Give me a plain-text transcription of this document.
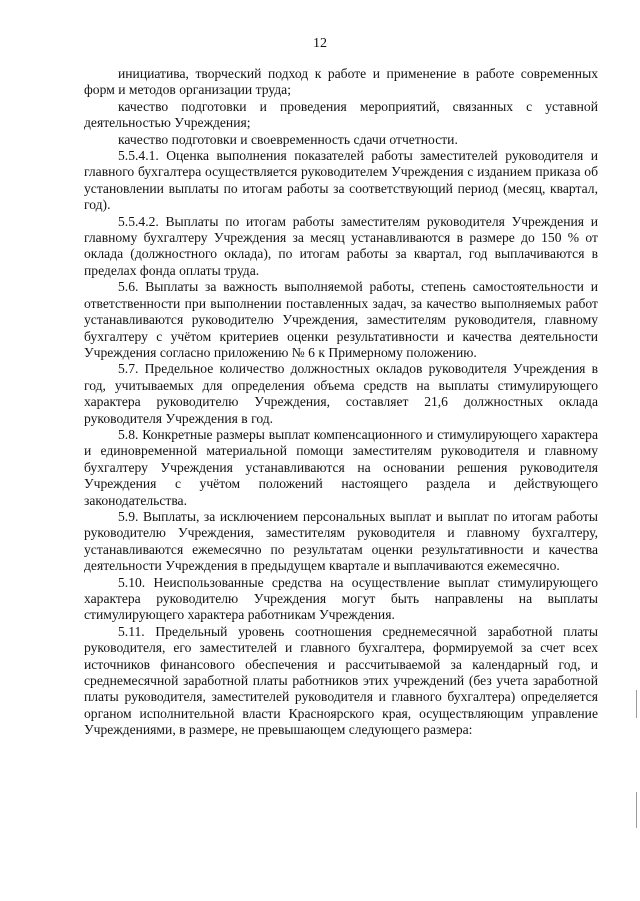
12

инициатива, творческий подход к работе и применение в работе современных форм и методов организации труда;

качество подготовки и проведения мероприятий, связанных с уставной деятельностью Учреждения;

качество подготовки и своевременность сдачи отчетности.

5.5.4.1. Оценка выполнения показателей работы заместителей руководителя и главного бухгалтера осуществляется руководителем Учреждения с изданием приказа об установлении выплаты по итогам работы за соответствующий период (месяц, квартал, год).

5.5.4.2. Выплаты по итогам работы заместителям руководителя Учреждения и главному бухгалтеру Учреждения за месяц устанавливаются в размере до 150 % от оклада (должностного оклада), по итогам работы за квартал, год выплачиваются в пределах фонда оплаты труда.

5.6. Выплаты за важность выполняемой работы, степень самостоятельности и ответственности при выполнении поставленных задач, за качество выполняемых работ устанавливаются руководителю Учреждения, заместителям руководителя, главному бухгалтеру с учётом критериев оценки результативности и качества деятельности Учреждения согласно приложению № 6 к Примерному положению.

5.7. Предельное количество должностных окладов руководителя Учреждения в год, учитываемых для определения объема средств на выплаты стимулирующего характера руководителю Учреждения, составляет 21,6 должностных оклада руководителя Учреждения в год.

5.8. Конкретные размеры выплат компенсационного и стимулирующего характера и единовременной материальной помощи заместителям руководителя и главному бухгалтеру Учреждения устанавливаются на основании решения руководителя Учреждения с учётом положений настоящего раздела и действующего законодательства.

5.9. Выплаты, за исключением персональных выплат и выплат по итогам работы руководителю Учреждения, заместителям руководителя и главному бухгалтеру, устанавливаются ежемесячно по результатам оценки результативности и качества деятельности Учреждения в предыдущем квартале и выплачиваются ежемесячно.

5.10. Неиспользованные средства на осуществление выплат стимулирующего характера руководителю Учреждения могут быть направлены на выплаты стимулирующего характера работникам Учреждения.

5.11. Предельный уровень соотношения среднемесячной заработной платы руководителя, его заместителей и главного бухгалтера, формируемой за счет всех источников финансового обеспечения и рассчитываемой за календарный год, и среднемесячной заработной платы работников этих учреждений (без учета заработной платы руководителя, заместителей руководителя и главного бухгалтера) определяется органом исполнительной власти Красноярского края, осуществляющим управление Учреждениями, в размере, не превышающем следующего размера:
